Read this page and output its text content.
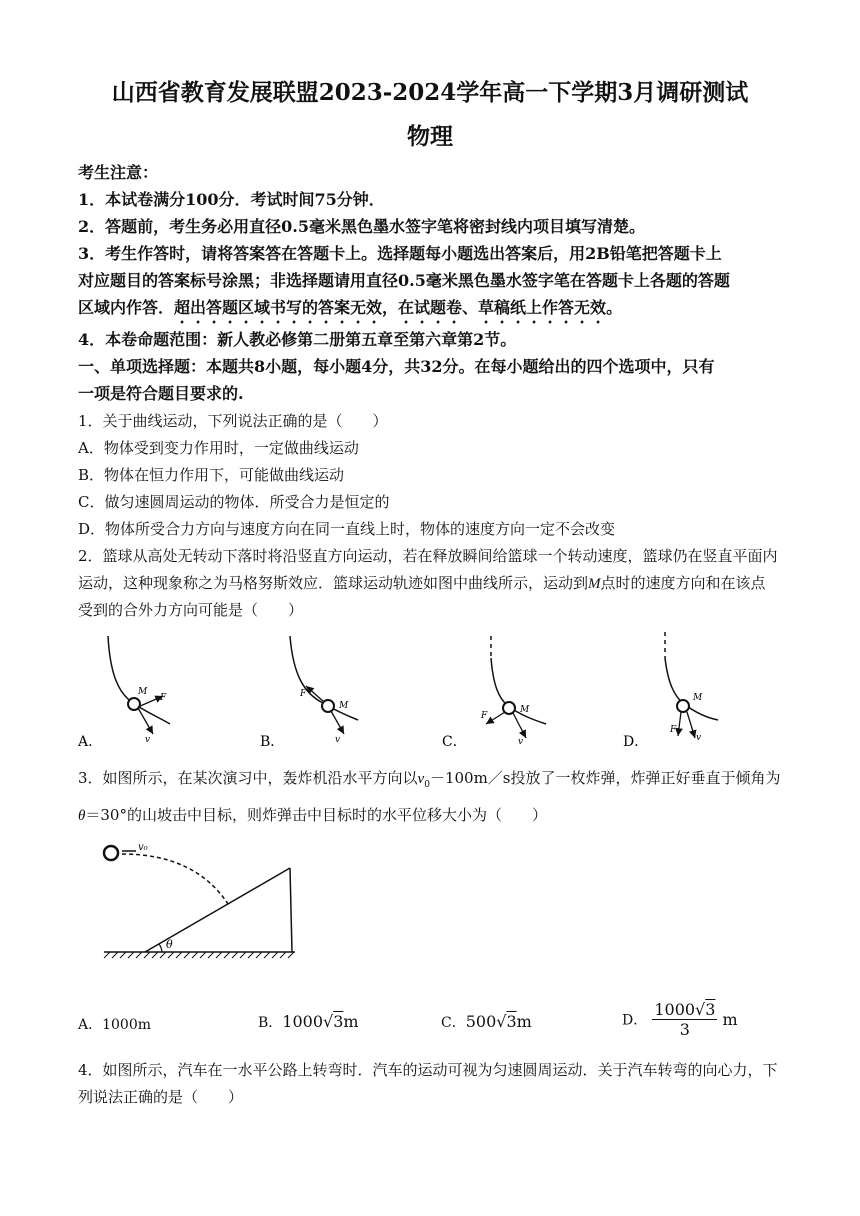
山西省教育发展联盟2023-2024学年高一下学期3月调研测试
物理
考生注意：
1．本试卷满分100分．考试时间75分钟．
2．答题前，考生务必用直径0.5毫米黑色墨水签字笔将密封线内项目填写清楚。
3．考生作答时，请将答案答在答题卡上。选择题每小题选出答案后，用2B铅笔把答题卡上
对应题目的答案标号涂黑；非选择题请用直径0.5毫米黑色墨水签字笔在答题卡上各题的答题
区域内作答．超出答题区域书写的答案无效，在试题卷、草稿纸上作答无效。
4．本卷命题范围：新人教必修第二册第五章至第六章第2节。
一、单项选择题：本题共8小题，每小题4分，共32分。在每小题给出的四个选项中，只有
一项是符合题目要求的.
1．关于曲线运动，下列说法正确的是（　　）
A．物体受到变力作用时，一定做曲线运动
B．物体在恒力作用下，可能做曲线运动
C．做匀速圆周运动的物体．所受合力是恒定的
D．物体所受合力方向与速度方向在同一直线上时，物体的速度方向一定不会改变
2．篮球从高处无转动下落时将沿竖直方向运动，若在释放瞬间给篮球一个转动速度，篮球仍在竖直平面内
运动，这种现象称之为马格努斯效应．篮球运动轨迹如图中曲线所示，运动到M点时的速度方向和在该点
受到的合外力方向可能是（　　）
M
F
v
A．
M
F
v
B．
M
F
v
C．
M
F
v
D．
3．如图所示，在某次演习中，轰炸机沿水平方向以$v_0-100m/s$投放了一枚炸弹，炸弹正好垂直于倾角为
θ＝30°的山坡击中目标，则炸弹击中目标时的水平位移大小为（　　）
v₀
θ
A．1000m	B．1000√3m	C．500√3m	D． $\frac{1000√3}{3}$ m
4．如图所示，汽车在一水平公路上转弯时．汽车的运动可视为匀速圆周运动．关于汽车转弯的向心力，下
列说法正确的是（　　）
